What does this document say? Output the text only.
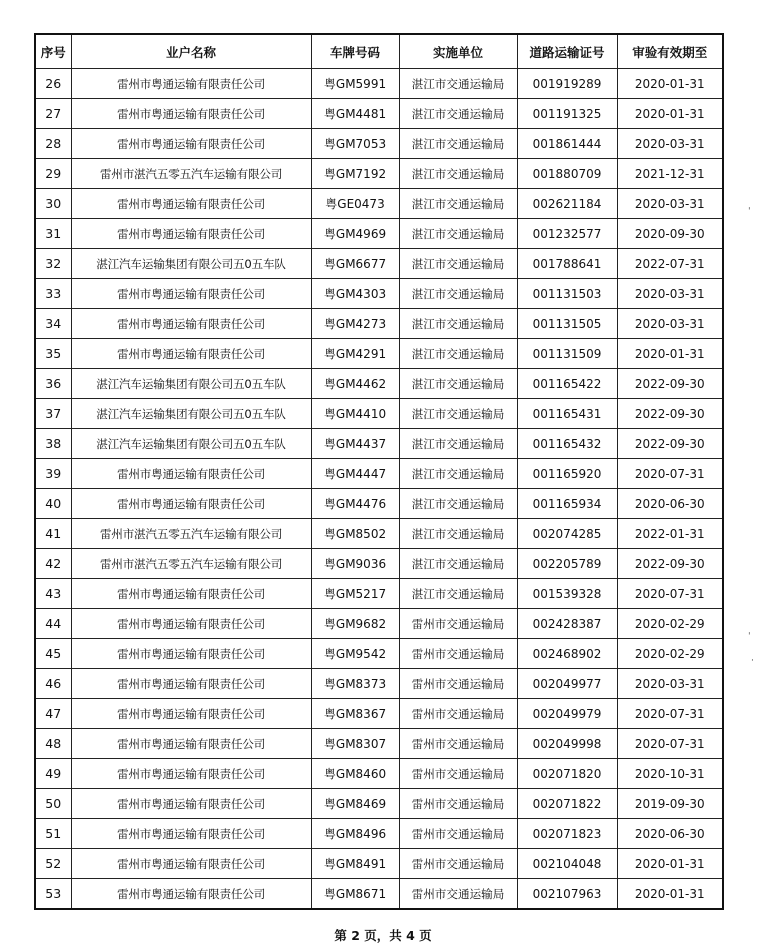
序号	业户名称	车牌号码	实施单位	道路运输证号	审验有效期至
26	雷州市粤通运输有限责任公司	粤GM5991	湛江市交通运输局	001919289	2020-01-31
27	雷州市粤通运输有限责任公司	粤GM4481	湛江市交通运输局	001191325	2020-01-31
28	雷州市粤通运输有限责任公司	粤GM7053	湛江市交通运输局	001861444	2020-03-31
29	雷州市湛汽五零五汽车运输有限公司	粤GM7192	湛江市交通运输局	001880709	2021-12-31
30	雷州市粤通运输有限责任公司	粤GE0473	湛江市交通运输局	002621184	2020-03-31
31	雷州市粤通运输有限责任公司	粤GM4969	湛江市交通运输局	001232577	2020-09-30
32	湛江汽车运输集团有限公司五0五车队	粤GM6677	湛江市交通运输局	001788641	2022-07-31
33	雷州市粤通运输有限责任公司	粤GM4303	湛江市交通运输局	001131503	2020-03-31
34	雷州市粤通运输有限责任公司	粤GM4273	湛江市交通运输局	001131505	2020-03-31
35	雷州市粤通运输有限责任公司	粤GM4291	湛江市交通运输局	001131509	2020-01-31
36	湛江汽车运输集团有限公司五0五车队	粤GM4462	湛江市交通运输局	001165422	2022-09-30
37	湛江汽车运输集团有限公司五0五车队	粤GM4410	湛江市交通运输局	001165431	2022-09-30
38	湛江汽车运输集团有限公司五0五车队	粤GM4437	湛江市交通运输局	001165432	2022-09-30
39	雷州市粤通运输有限责任公司	粤GM4447	湛江市交通运输局	001165920	2020-07-31
40	雷州市粤通运输有限责任公司	粤GM4476	湛江市交通运输局	001165934	2020-06-30
41	雷州市湛汽五零五汽车运输有限公司	粤GM8502	湛江市交通运输局	002074285	2022-01-31
42	雷州市湛汽五零五汽车运输有限公司	粤GM9036	湛江市交通运输局	002205789	2022-09-30
43	雷州市粤通运输有限责任公司	粤GM5217	湛江市交通运输局	001539328	2020-07-31
44	雷州市粤通运输有限责任公司	粤GM9682	雷州市交通运输局	002428387	2020-02-29
45	雷州市粤通运输有限责任公司	粤GM9542	雷州市交通运输局	002468902	2020-02-29
46	雷州市粤通运输有限责任公司	粤GM8373	雷州市交通运输局	002049977	2020-03-31
47	雷州市粤通运输有限责任公司	粤GM8367	雷州市交通运输局	002049979	2020-07-31
48	雷州市粤通运输有限责任公司	粤GM8307	雷州市交通运输局	002049998	2020-07-31
49	雷州市粤通运输有限责任公司	粤GM8460	雷州市交通运输局	002071820	2020-10-31
50	雷州市粤通运输有限责任公司	粤GM8469	雷州市交通运输局	002071822	2019-09-30
51	雷州市粤通运输有限责任公司	粤GM8496	雷州市交通运输局	002071823	2020-06-30
52	雷州市粤通运输有限责任公司	粤GM8491	雷州市交通运输局	002104048	2020-01-31
53	雷州市粤通运输有限责任公司	粤GM8671	雷州市交通运输局	002107963	2020-01-31
ˈ
ˈ
·
第 2 页，共 4 页
